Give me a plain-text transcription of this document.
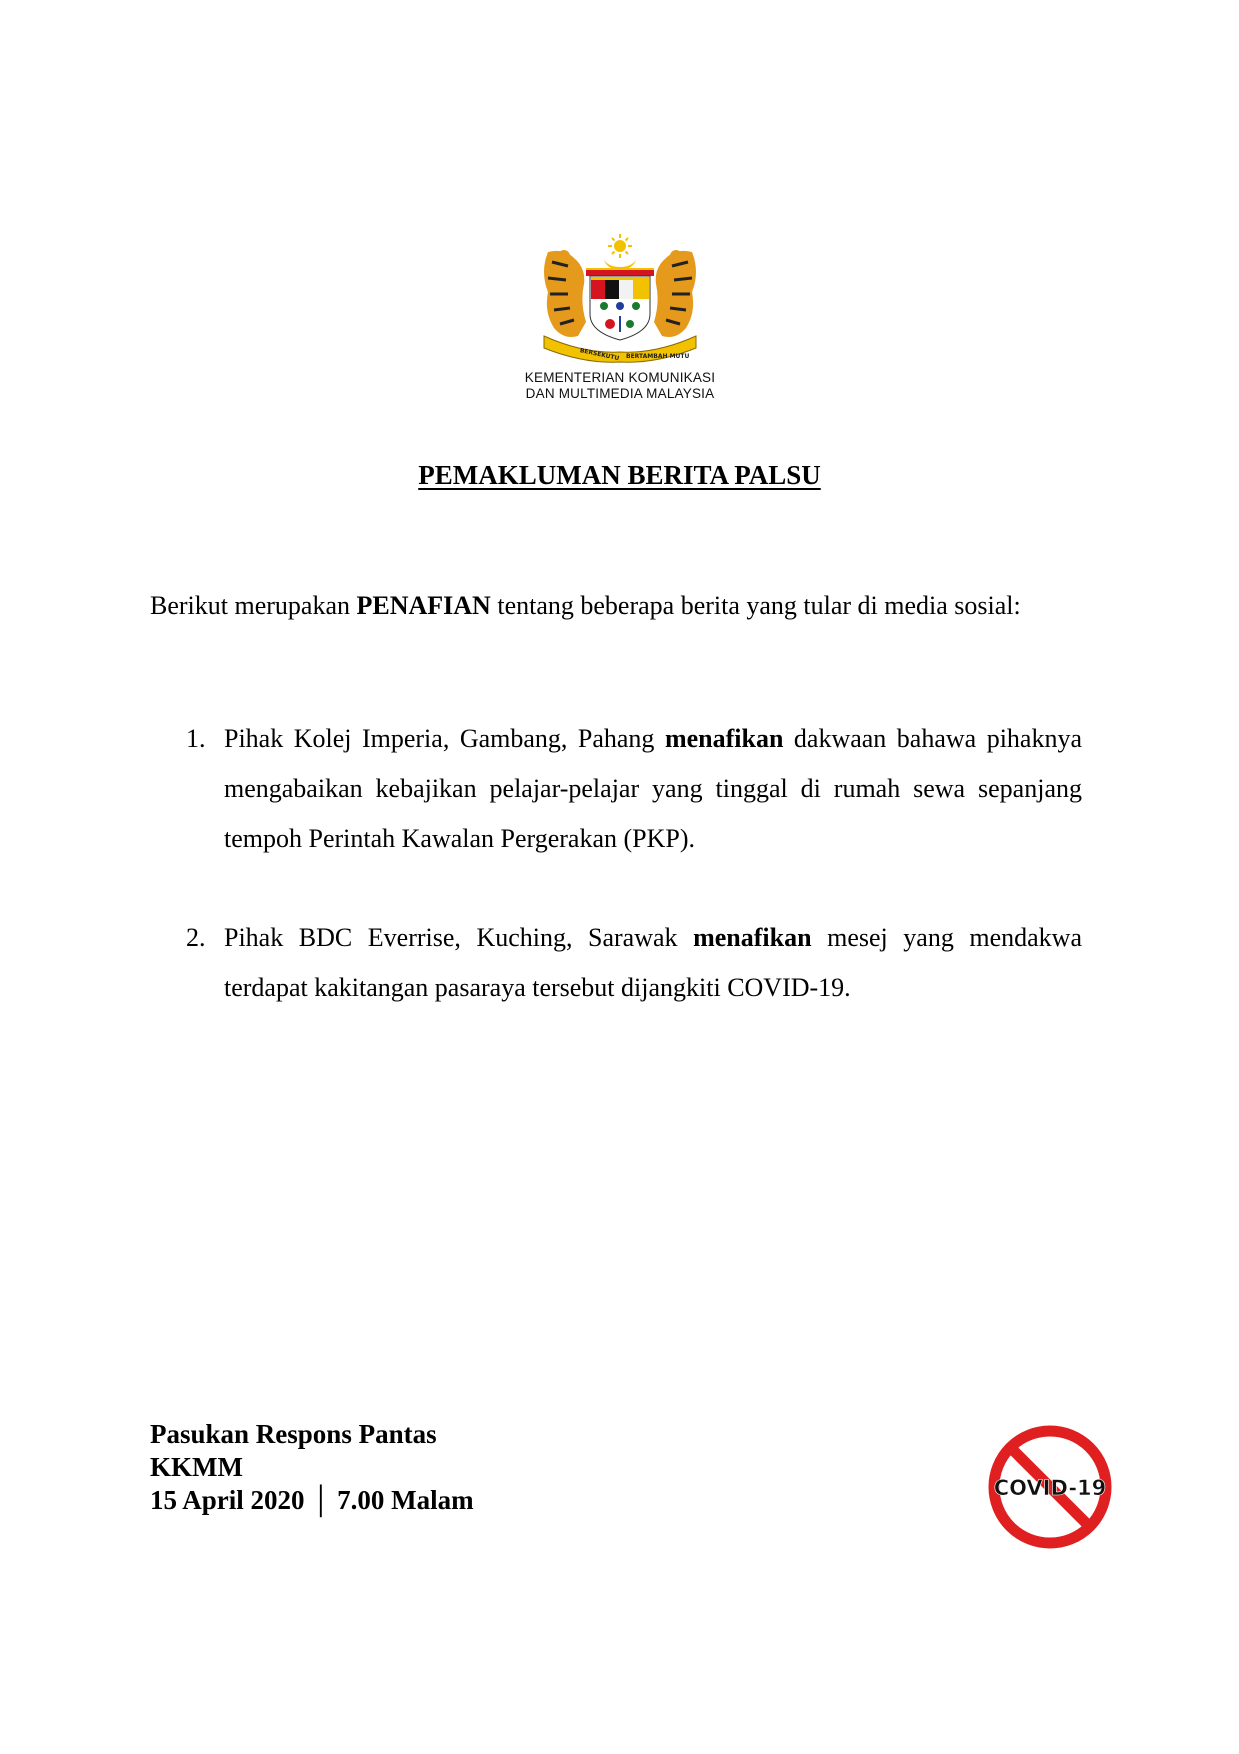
BERSEKUTU BERTAMBAH MUTU
KEMENTERIAN KOMUNIKASI
DAN MULTIMEDIA MALAYSIA
PEMAKLUMAN BERITA PALSU

Berikut merupakan PENAFIAN tentang beberapa berita yang tular di media sosial:

1. Pihak Kolej Imperia, Gambang, Pahang menafikan dakwaan bahawa pihaknya mengabaikan kebajikan pelajar-pelajar yang tinggal di rumah sewa sepanjang tempoh Perintah Kawalan Pergerakan (PKP).
2. Pihak BDC Everrise, Kuching, Sarawak menafikan mesej yang mendakwa terdapat kakitangan pasaraya tersebut dijangkiti COVID-19.
Pasukan Respons Pantas
KKMM
15 April 2020 │ 7.00 Malam	COVID-19
